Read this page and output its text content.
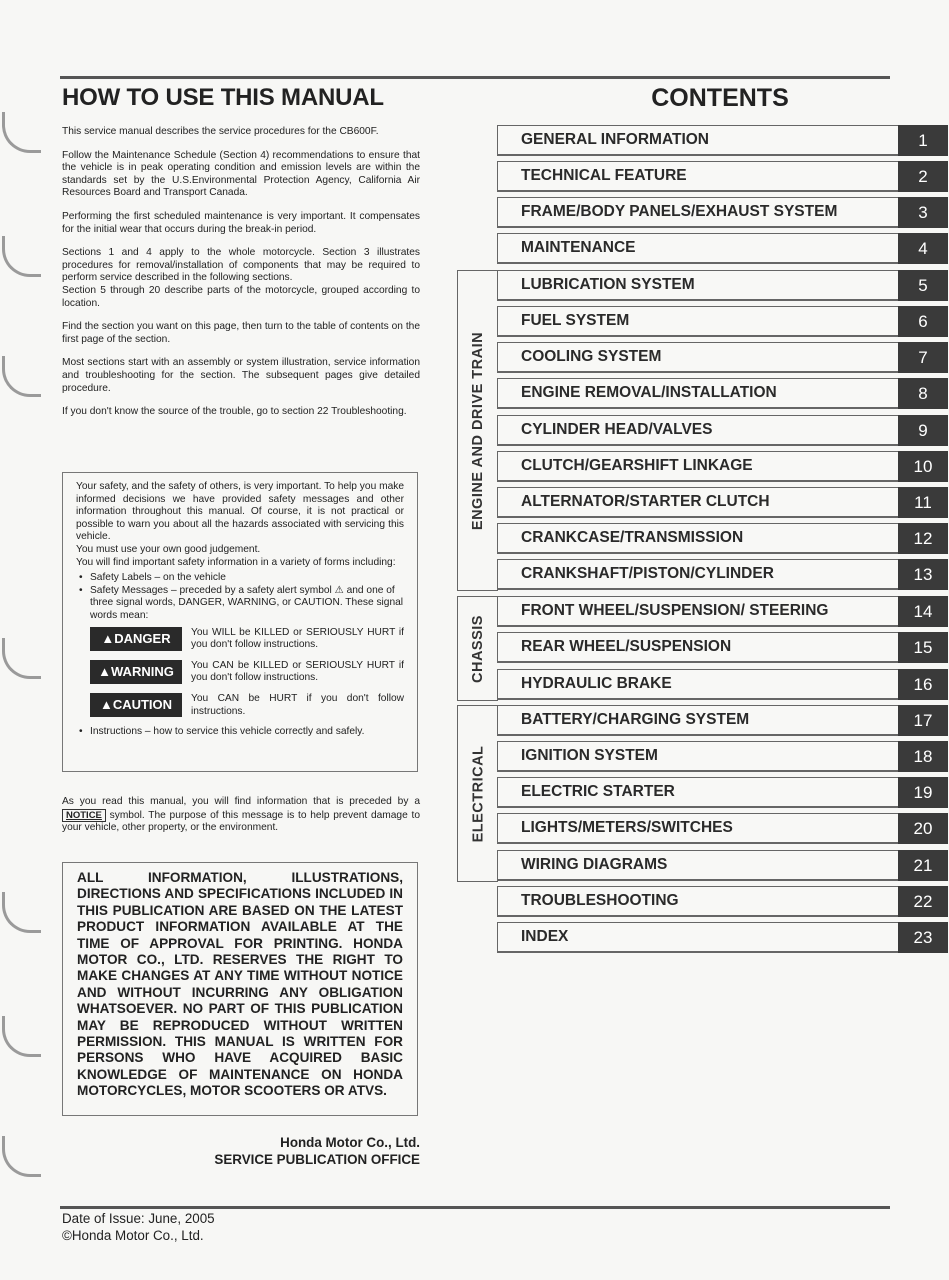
HOW TO USE THIS MANUAL

This service manual describes the service procedures for the CB600F.

Follow the Maintenance Schedule (Section 4) recommendations to ensure that the vehicle is in peak operating condition and emission levels are within the standards set by the U.S.Environmental Protection Agency, California Air Resources Board and Transport Canada.

Performing the first scheduled maintenance is very important. It compensates for the initial wear that occurs during the break-in period.

Sections 1 and 4 apply to the whole motorcycle. Section 3 illustrates procedures for removal/installation of components that may be required to perform service described in the following sections.

Section 5 through 20 describe parts of the motorcycle, grouped according to location.

Find the section you want on this page, then turn to the table of contents on the first page of the section.

Most sections start with an assembly or system illustration, service information and troubleshooting for the section. The subsequent pages give detailed procedure.

If you don't know the source of the trouble, go to section 22 Troubleshooting.

Your safety, and the safety of others, is very important. To help you make informed decisions we have provided safety messages and other information throughout this manual. Of course, it is not practical or possible to warn you about all the hazards associated with servicing this vehicle.

You must use your own good judgement.

You will find important safety information in a variety of forms including:

• Safety Labels – on the vehicle
• Safety Messages – preceded by a safety alert symbol ⚠ and one of three signal words, DANGER, WARNING, or CAUTION. These signal words mean:
▲DANGER	You WILL be KILLED or SERIOUSLY HURT if you don't follow instructions.
▲WARNING	You CAN be KILLED or SERIOUSLY HURT if you don't follow instructions.
▲CAUTION	You CAN be HURT if you don't follow instructions.
• Instructions – how to service this vehicle correctly and safely.
As you read this manual, you will find information that is preceded by a NOTICE symbol. The purpose of this message is to help prevent damage to your vehicle, other property, or the environment.

ALL INFORMATION, ILLUSTRATIONS, DIRECTIONS AND SPECIFICATIONS INCLUDED IN THIS PUBLICATION ARE BASED ON THE LATEST PRODUCT INFORMATION AVAILABLE AT THE TIME OF APPROVAL FOR PRINTING. HONDA MOTOR CO., LTD. RESERVES THE RIGHT TO MAKE CHANGES AT ANY TIME WITHOUT NOTICE AND WITHOUT INCURRING ANY OBLIGATION WHATSOEVER. NO PART OF THIS PUBLICATION MAY BE REPRODUCED WITHOUT WRITTEN PERMISSION. THIS MANUAL IS WRITTEN FOR PERSONS WHO HAVE ACQUIRED BASIC KNOWLEDGE OF MAINTENANCE ON HONDA MOTORCYCLES, MOTOR SCOOTERS OR ATVS.

Honda Motor Co., Ltd.
SERVICE PUBLICATION OFFICE
Date of Issue: June, 2005
©Honda Motor Co., Ltd.
CONTENTS
ENGINE AND DRIVE TRAIN
CHASSIS
ELECTRICAL
GENERAL INFORMATION	1
TECHNICAL FEATURE	2
FRAME/BODY PANELS/EXHAUST SYSTEM	3
MAINTENANCE	4
LUBRICATION SYSTEM	5
FUEL SYSTEM	6
COOLING SYSTEM	7
ENGINE REMOVAL/INSTALLATION	8
CYLINDER HEAD/VALVES	9
CLUTCH/GEARSHIFT LINKAGE	10
ALTERNATOR/STARTER CLUTCH	11
CRANKCASE/TRANSMISSION	12
CRANKSHAFT/PISTON/CYLINDER	13
FRONT WHEEL/SUSPENSION/ STEERING	14
REAR WHEEL/SUSPENSION	15
HYDRAULIC BRAKE	16
BATTERY/CHARGING SYSTEM	17
IGNITION SYSTEM	18
ELECTRIC STARTER	19
LIGHTS/METERS/SWITCHES	20
WIRING DIAGRAMS	21
TROUBLESHOOTING	22
INDEX	23
